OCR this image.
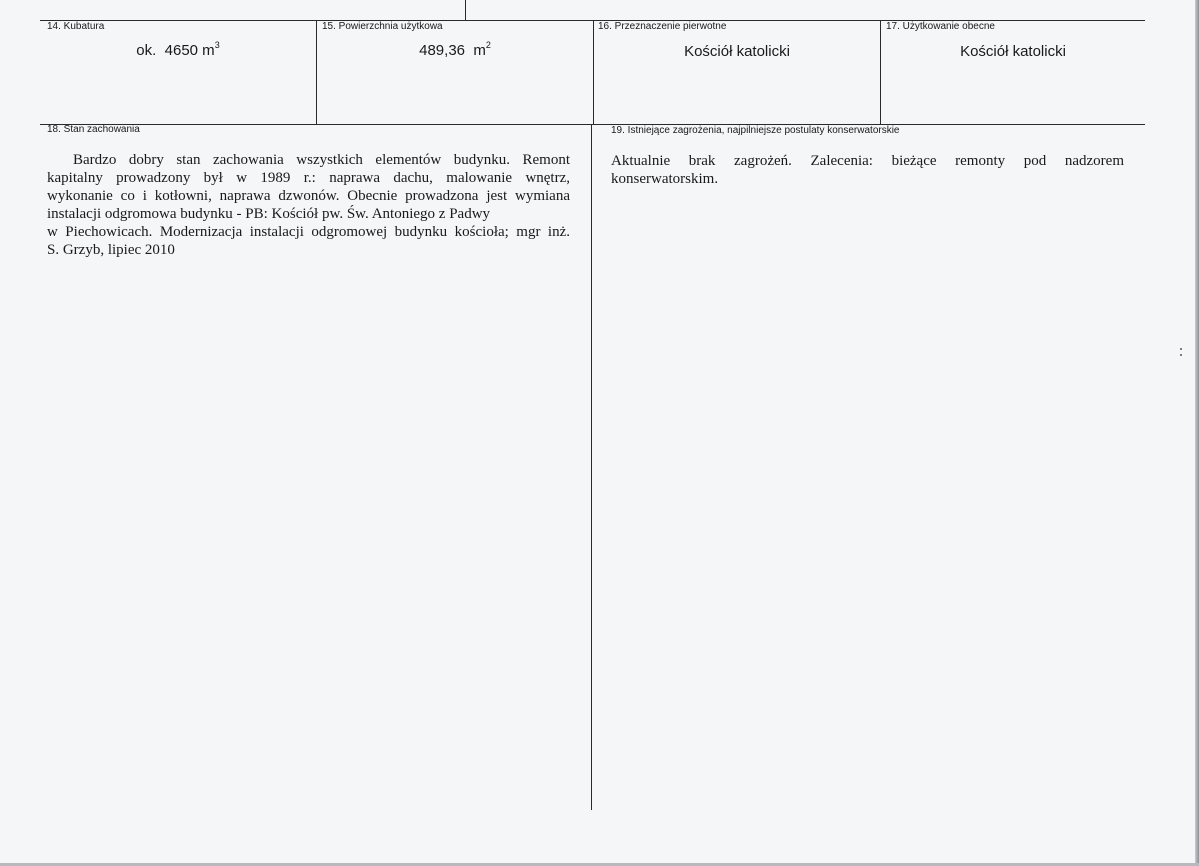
14. Kubatura
ok.  4650 $m^3$
15. Powierzchnia użytkowa
489,36  $m^2$
16. Przeznaczenie pierwotne
Kościół katolicki
17. Użytkowanie obecne
Kościół katolicki
18. Stan zachowania
Bardzo dobry stan zachowania wszystkich elementów budynku. Remont
kapitalny prowadzony był w 1989 r.: naprawa dachu, malowanie wnętrz,
wykonanie co i kotłowni, naprawa dzwonów. Obecnie prowadzona jest wymiana
instalacji odgromowa budynku - PB: Kościół pw. Św. Antoniego z Padwy
w Piechowicach. Modernizacja instalacji odgromowej budynku kościoła; mgr inż.
S. Grzyb, lipiec 2010
19. Istniejące zagrożenia, najpilniejsze postulaty konserwatorskie
Aktualnie brak zagrożeń. Zalecenia: bieżące remonty pod nadzorem
konserwatorskim.
